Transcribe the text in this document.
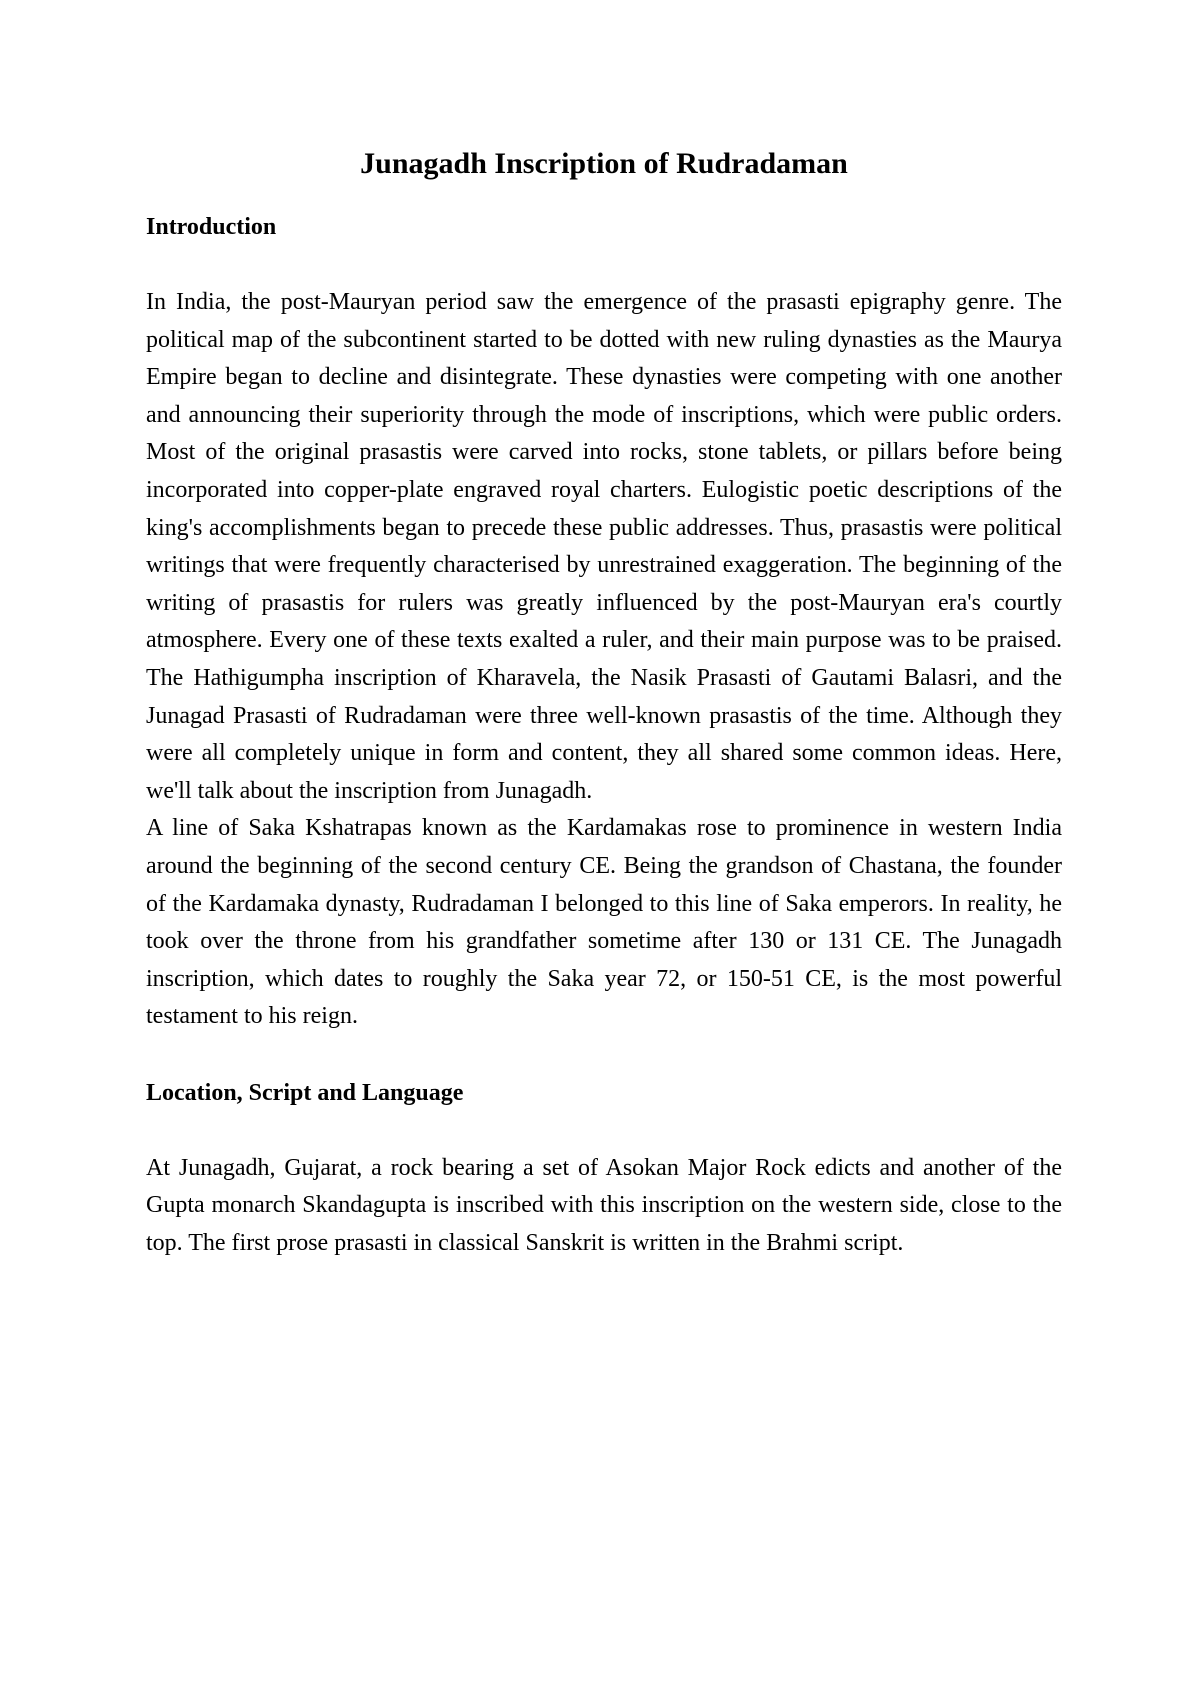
Junagadh Inscription of Rudradaman
Introduction

In India, the post-Mauryan period saw the emergence of the prasasti epigraphy genre. The political map of the subcontinent started to be dotted with new ruling dynasties as the Maurya Empire began to decline and disintegrate. These dynasties were competing with one another and announcing their superiority through the mode of inscriptions, which were public orders. Most of the original prasastis were carved into rocks, stone tablets, or pillars before being incorporated into copper-plate engraved royal charters. Eulogistic poetic descriptions of the king's accomplishments began to precede these public addresses. Thus, prasastis were political writings that were frequently characterised by unrestrained exaggeration. The beginning of the writing of prasastis for rulers was greatly influenced by the post-Mauryan era's courtly atmosphere. Every one of these texts exalted a ruler, and their main purpose was to be praised. The Hathigumpha inscription of Kharavela, the Nasik Prasasti of Gautami Balasri, and the Junagad Prasasti of Rudradaman were three well-known prasastis of the time. Although they were all completely unique in form and content, they all shared some common ideas. Here, we'll talk about the inscription from Junagadh.

A line of Saka Kshatrapas known as the Kardamakas rose to prominence in western India around the beginning of the second century CE. Being the grandson of Chastana, the founder of the Kardamaka dynasty, Rudradaman I belonged to this line of Saka emperors. In reality, he took over the throne from his grandfather sometime after 130 or 131 CE. The Junagadh inscription, which dates to roughly the Saka year 72, or 150-51 CE, is the most powerful testament to his reign.

Location, Script and Language

At Junagadh, Gujarat, a rock bearing a set of Asokan Major Rock edicts and another of the Gupta monarch Skandagupta is inscribed with this inscription on the western side, close to the top. The first prose prasasti in classical Sanskrit is written in the Brahmi script.
